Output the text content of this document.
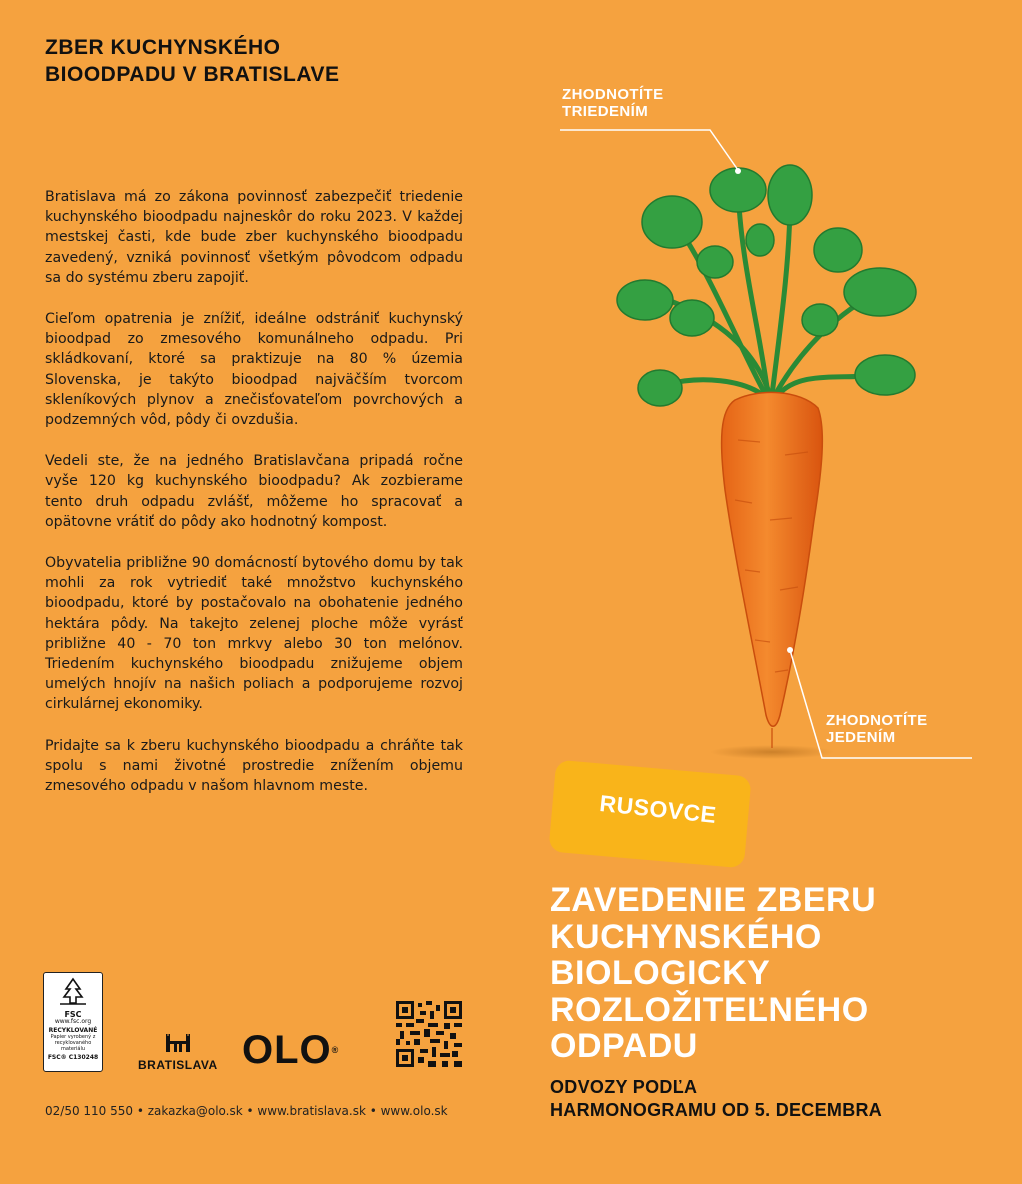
ZBER KUCHYNSKÉHO
BIOODPADU V BRATISLAVE

Bratislava má zo zákona povinnosť zabezpečiť triedenie kuchynského bioodpadu najneskôr do roku 2023. V každej mestskej časti, kde bude zber kuchynského bioodpadu zavedený, vzniká povinnosť všetkým pôvodcom odpadu sa do systému zberu zapojiť.

Cieľom opatrenia je znížiť, ideálne odstrániť kuchynský bioodpad zo zmesového komunálneho odpadu. Pri skládkovaní, ktoré sa praktizuje na 80 % územia Slovenska, je takýto bioodpad najväčším tvorcom skleníkových plynov a znečisťovateľom povrchových a podzemných vôd, pôdy či ovzdušia.

Vedeli ste, že na jedného Bratislavčana pripadá ročne vyše 120 kg kuchynského bioodpadu? Ak zozbierame tento druh odpadu zvlášť, môžeme ho spracovať a opätovne vrátiť do pôdy ako hodnotný kompost.

Obyvatelia približne 90 domácností bytového domu by tak mohli za rok vytriediť také množstvo kuchynského bioodpadu, ktoré by postačovalo na obohatenie jedného hektára pôdy. Na takejto zelenej ploche môže vyrásť približne 40 - 70 ton mrkvy alebo 30 ton melónov. Triedením kuchynského bioodpadu znižujeme objem umelých hnojív na našich poliach a podporujeme rozvoj cirkulárnej ekonomiky.

Pridajte sa k zberu kuchynského bioodpadu a chráňte tak spolu s nami životné prostredie znížením objemu zmesového odpadu v našom hlavnom meste.

FSC
www.fsc.org
RECYKLOVANÉ
Papier vyrobený z recyklovaného materiálu
FSC® C130248
BRATISLAVA OLO®
02/50 110 550 • zakazka@olo.sk • www.bratislava.sk • www.olo.sk
ZHODNOTÍTE
TRIEDENÍM
ZHODNOTÍTE
JEDENÍM
RUSOVCE
ZAVEDENIE ZBERU
KUCHYNSKÉHO
BIOLOGICKY
ROZLOŽITEĽNÉHO
ODPADU
ODVOZY PODĽA
HARMONOGRAMU OD 5. DECEMBRA
